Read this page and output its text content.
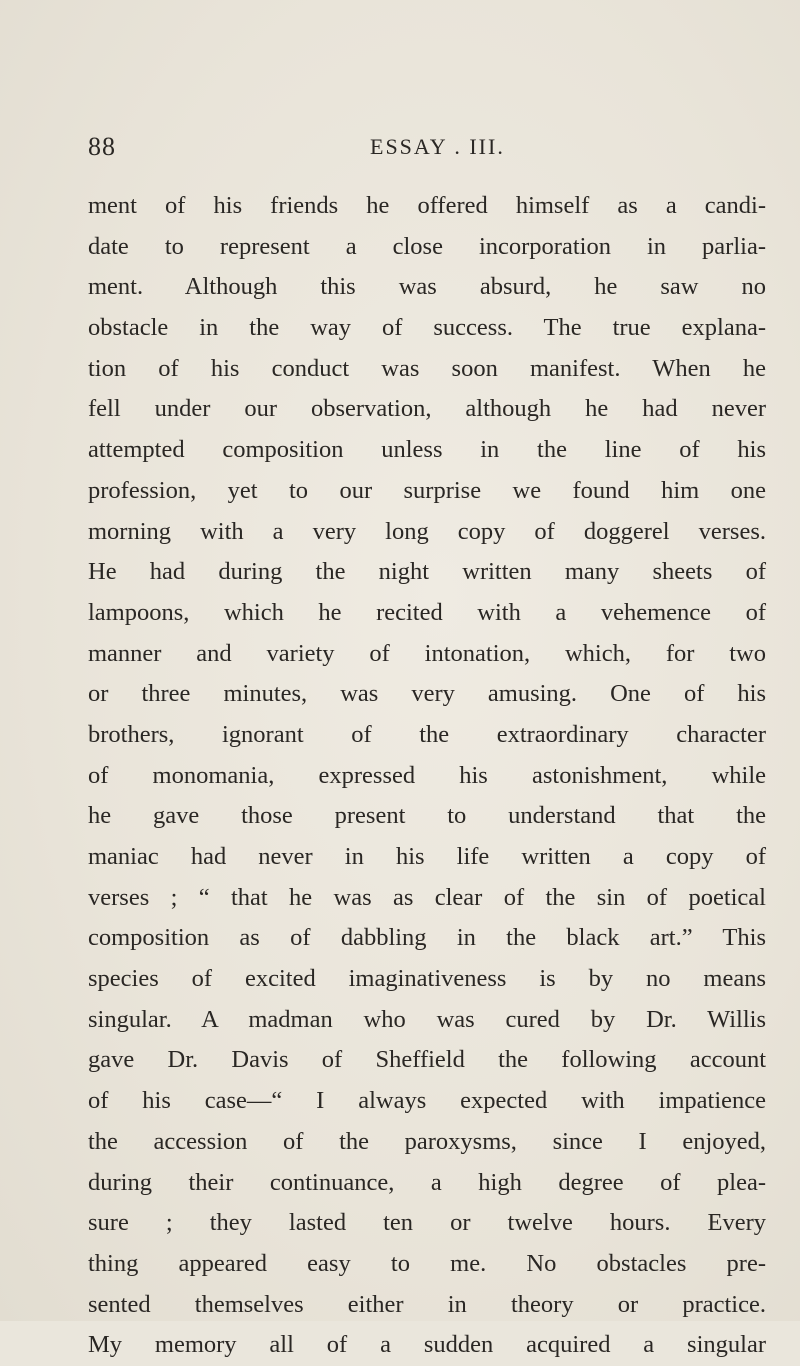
88	ESSAY . III.
ment of his friends he offered himself as a candi-
date to represent a close incorporation in parlia-
ment. Although this was absurd, he saw no
obstacle in the way of success. The true explana-
tion of his conduct was soon manifest. When he
fell under our observation, although he had never
attempted composition unless in the line of his
profession, yet to our surprise we found him one
morning with a very long copy of doggerel verses.
He had during the night written many sheets of
lampoons, which he recited with a vehemence of
manner and variety of intonation, which, for two
or three minutes, was very amusing. One of his
brothers, ignorant of the extraordinary character
of monomania, expressed his astonishment, while
he gave those present to understand that the
maniac had never in his life written a copy of
verses ; “ that he was as clear of the sin of poetical
composition as of dabbling in the black art.” This
species of excited imaginativeness is by no means
singular. A madman who was cured by Dr. Willis
gave Dr. Davis of Sheffield the following account
of his case—“ I always expected with impatience
the accession of the paroxysms, since I enjoyed,
during their continuance, a high degree of plea-
sure ; they lasted ten or twelve hours. Every
thing appeared easy to me. No obstacles pre-
sented themselves either in theory or practice.
My memory all of a sudden acquired a singular
